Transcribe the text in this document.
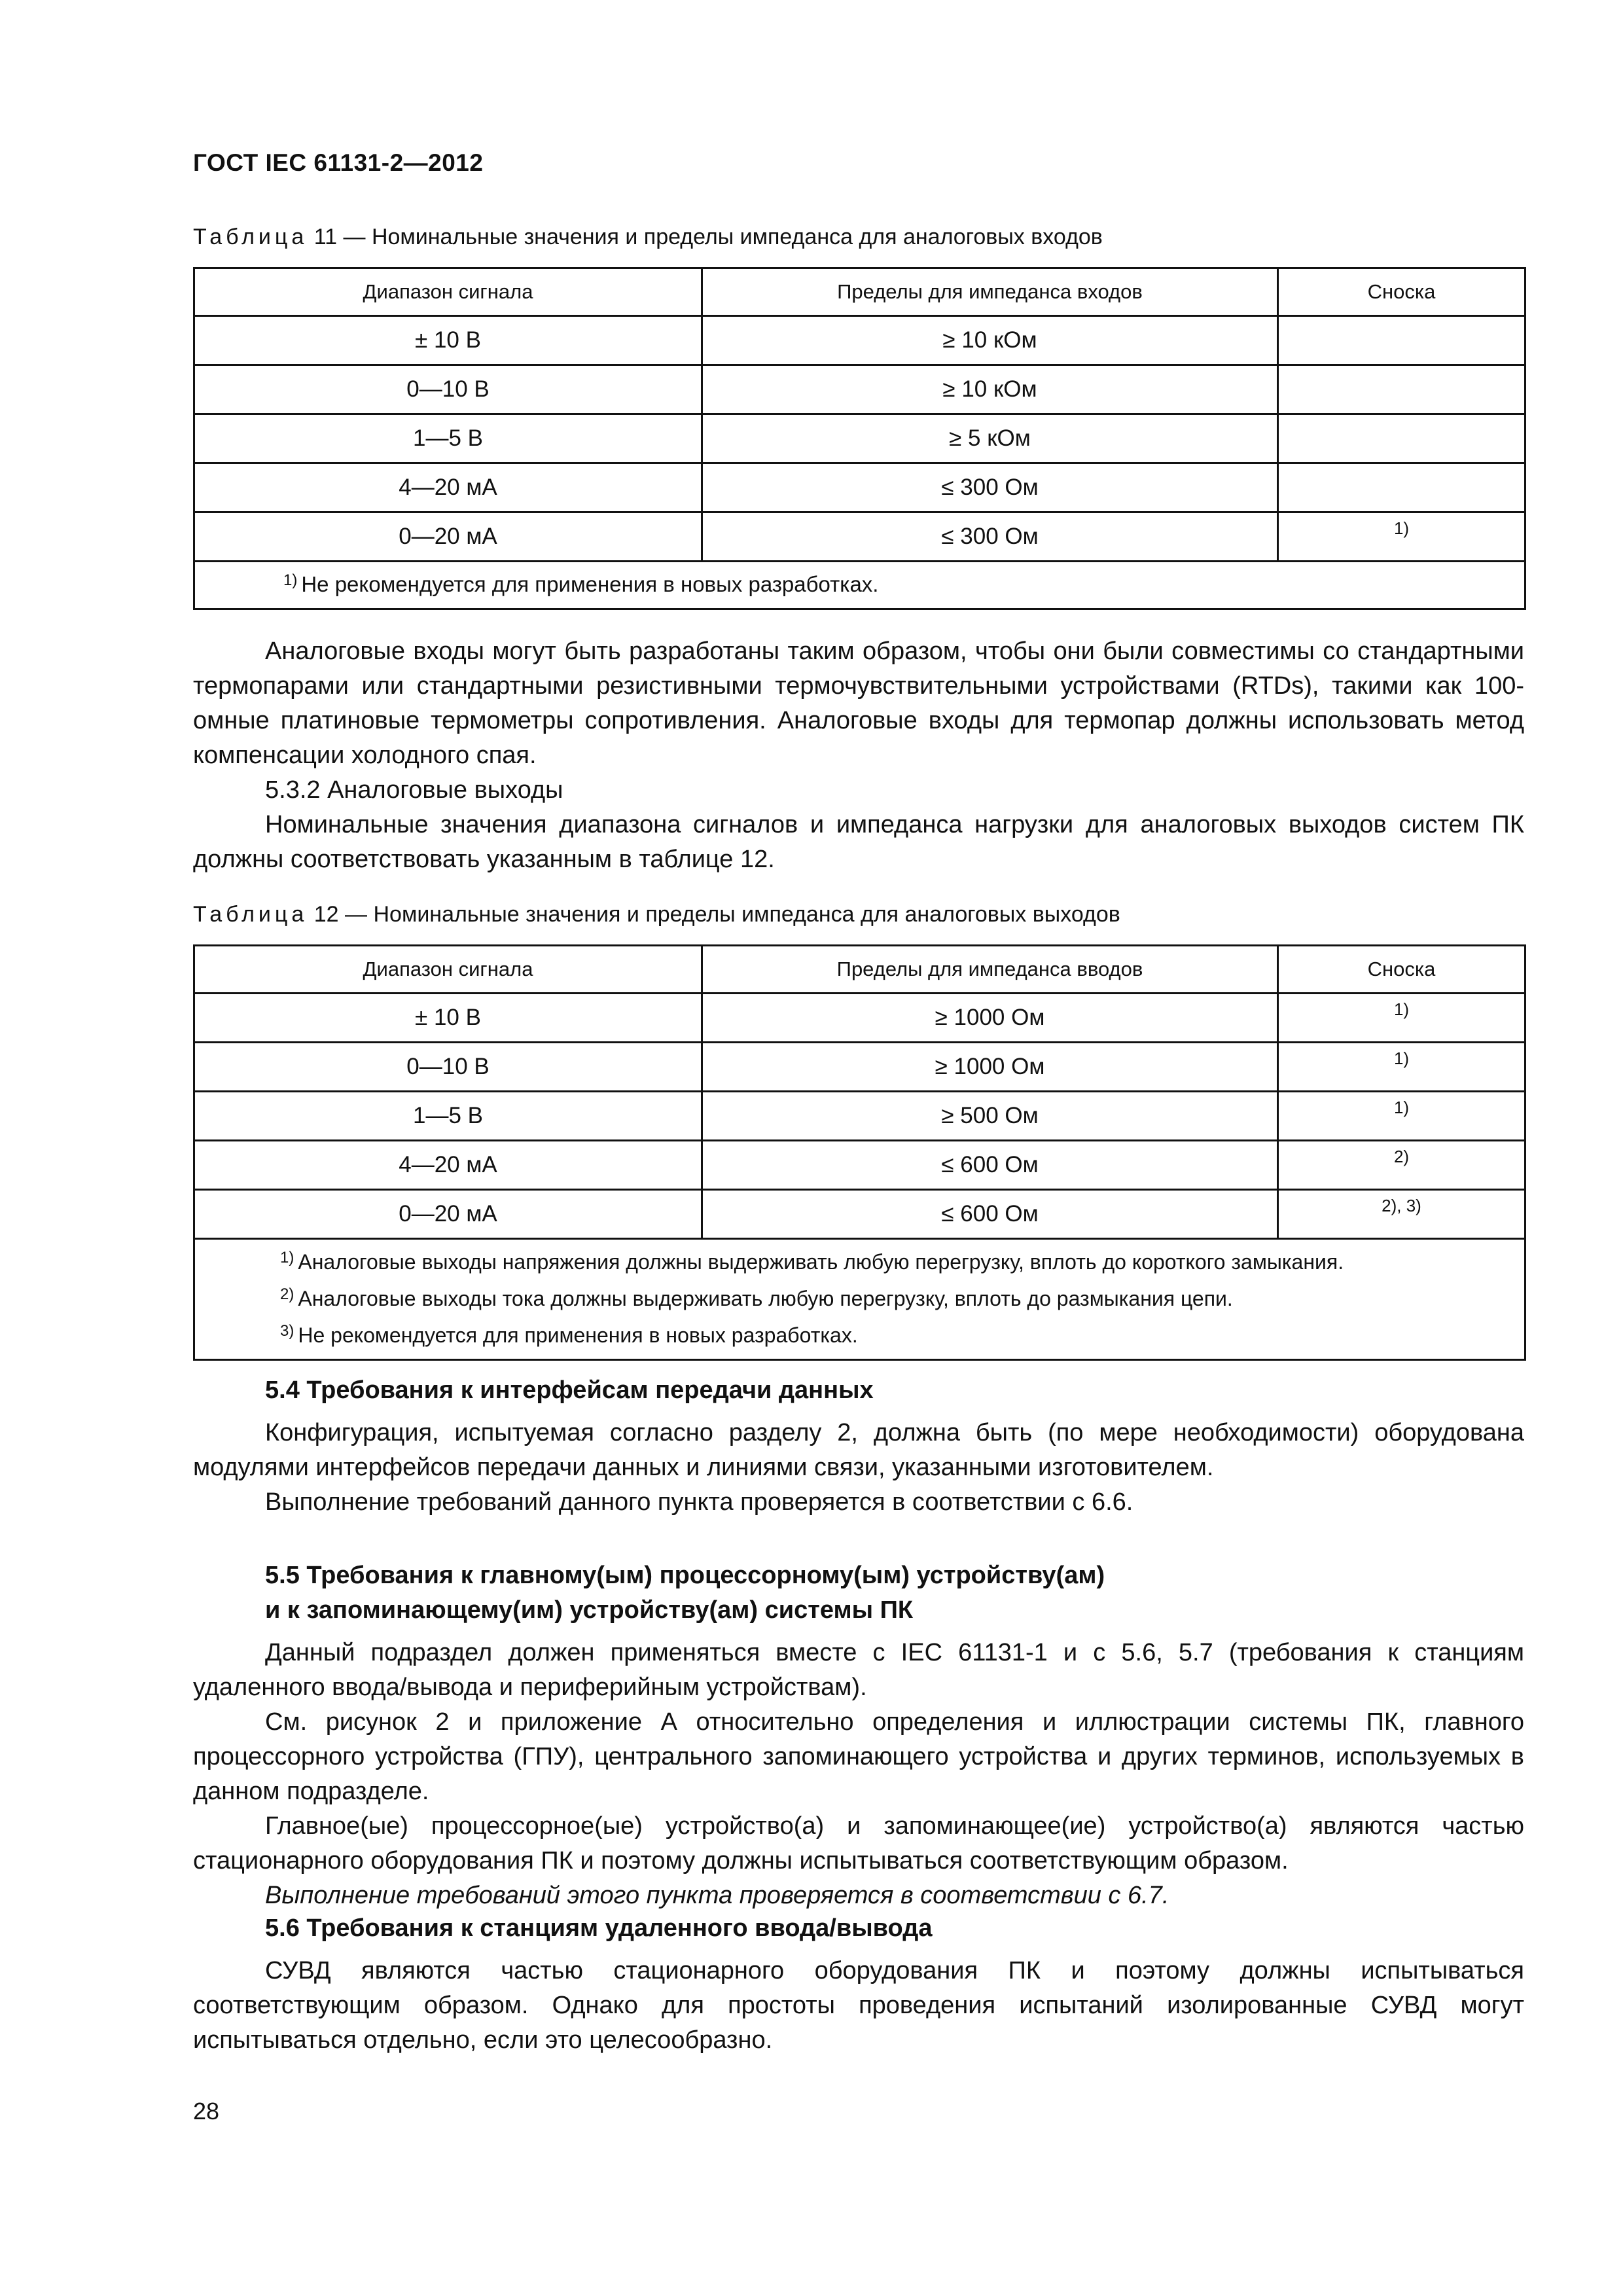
ГОСТ IEC 61131-2—2012
Таблица 11 — Номинальные значения и пределы импеданса для аналоговых входов
Диапазон сигнала	Пределы для импеданса входов	Сноска
± 10 В	≥ 10 кОм	

0—10 В	≥ 10 кОм	

1—5 В	≥ 5 кОм	

4—20 мА	≤ 300 Ом	

0—20 мА	≤ 300 Ом	1)

$^{1)}$ Не рекомендуется для применения в новых разработках.		

Аналоговые входы могут быть разработаны таким образом, чтобы они были совместимы со стандартными термопарами или стандартными резистивными термочувствительными устройствами (RTDs), такими как 100-омные платиновые термометры сопротивления. Аналоговые входы для термопар должны использовать метод компенсации холодного спая.

5.3.2 Аналоговые выходы

Номинальные значения диапазона сигналов и импеданса нагрузки для аналоговых выходов систем ПК должны соответствовать указанным в таблице 12.

Таблица 12 — Номинальные значения и пределы импеданса для аналоговых выходов
Диапазон сигнала	Пределы для импеданса вводов	Сноска
± 10 В	≥ 1000 Ом	1)

0—10 В	≥ 1000 Ом	1)

1—5 В	≥ 500 Ом	1)

4—20 мА	≤ 600 Ом	2)

0—20 мА	≤ 600 Ом	2), 3)

$^{1)}$ Аналоговые выходы напряжения должны выдерживать любую перегрузку, вплоть до короткого замыкания.
$^{2)}$ Аналоговые выходы тока должны выдерживать любую перегрузку, вплоть до размыкания цепи.
$^{3)}$ Не рекомендуется для применения в новых разработках.		
5.4 Требования к интерфейсам передачи данных

Конфигурация, испытуемая согласно разделу 2, должна быть (по мере необходимости) оборудована модулями интерфейсов передачи данных и линиями связи, указанными изготовителем.

Выполнение требований данного пункта проверяется в соответствии с 6.6.

5.5 Требования к главному(ым) процессорному(ым) устройству(ам)
и к запоминающему(им) устройству(ам) системы ПК

Данный подраздел должен применяться вместе с IEC 61131-1 и с 5.6, 5.7 (требования к станциям удаленного ввода/вывода и периферийным устройствам).

См. рисунок 2 и приложение А относительно определения и иллюстрации системы ПК, главного процессорного устройства (ГПУ), центрального запоминающего устройства и других терминов, используемых в данном подразделе.

Главное(ые) процессорное(ые) устройство(а) и запоминающее(ие) устройство(а) являются частью стационарного оборудования ПК и поэтому должны испытываться соответствующим образом.

Выполнение требований этого пункта проверяется в соответствии с 6.7.

5.6 Требования к станциям удаленного ввода/вывода

СУВД являются частью стационарного оборудования ПК и поэтому должны испытываться соответствующим образом. Однако для простоты проведения испытаний изолированные СУВД могут испытываться отдельно, если это целесообразно.

28
